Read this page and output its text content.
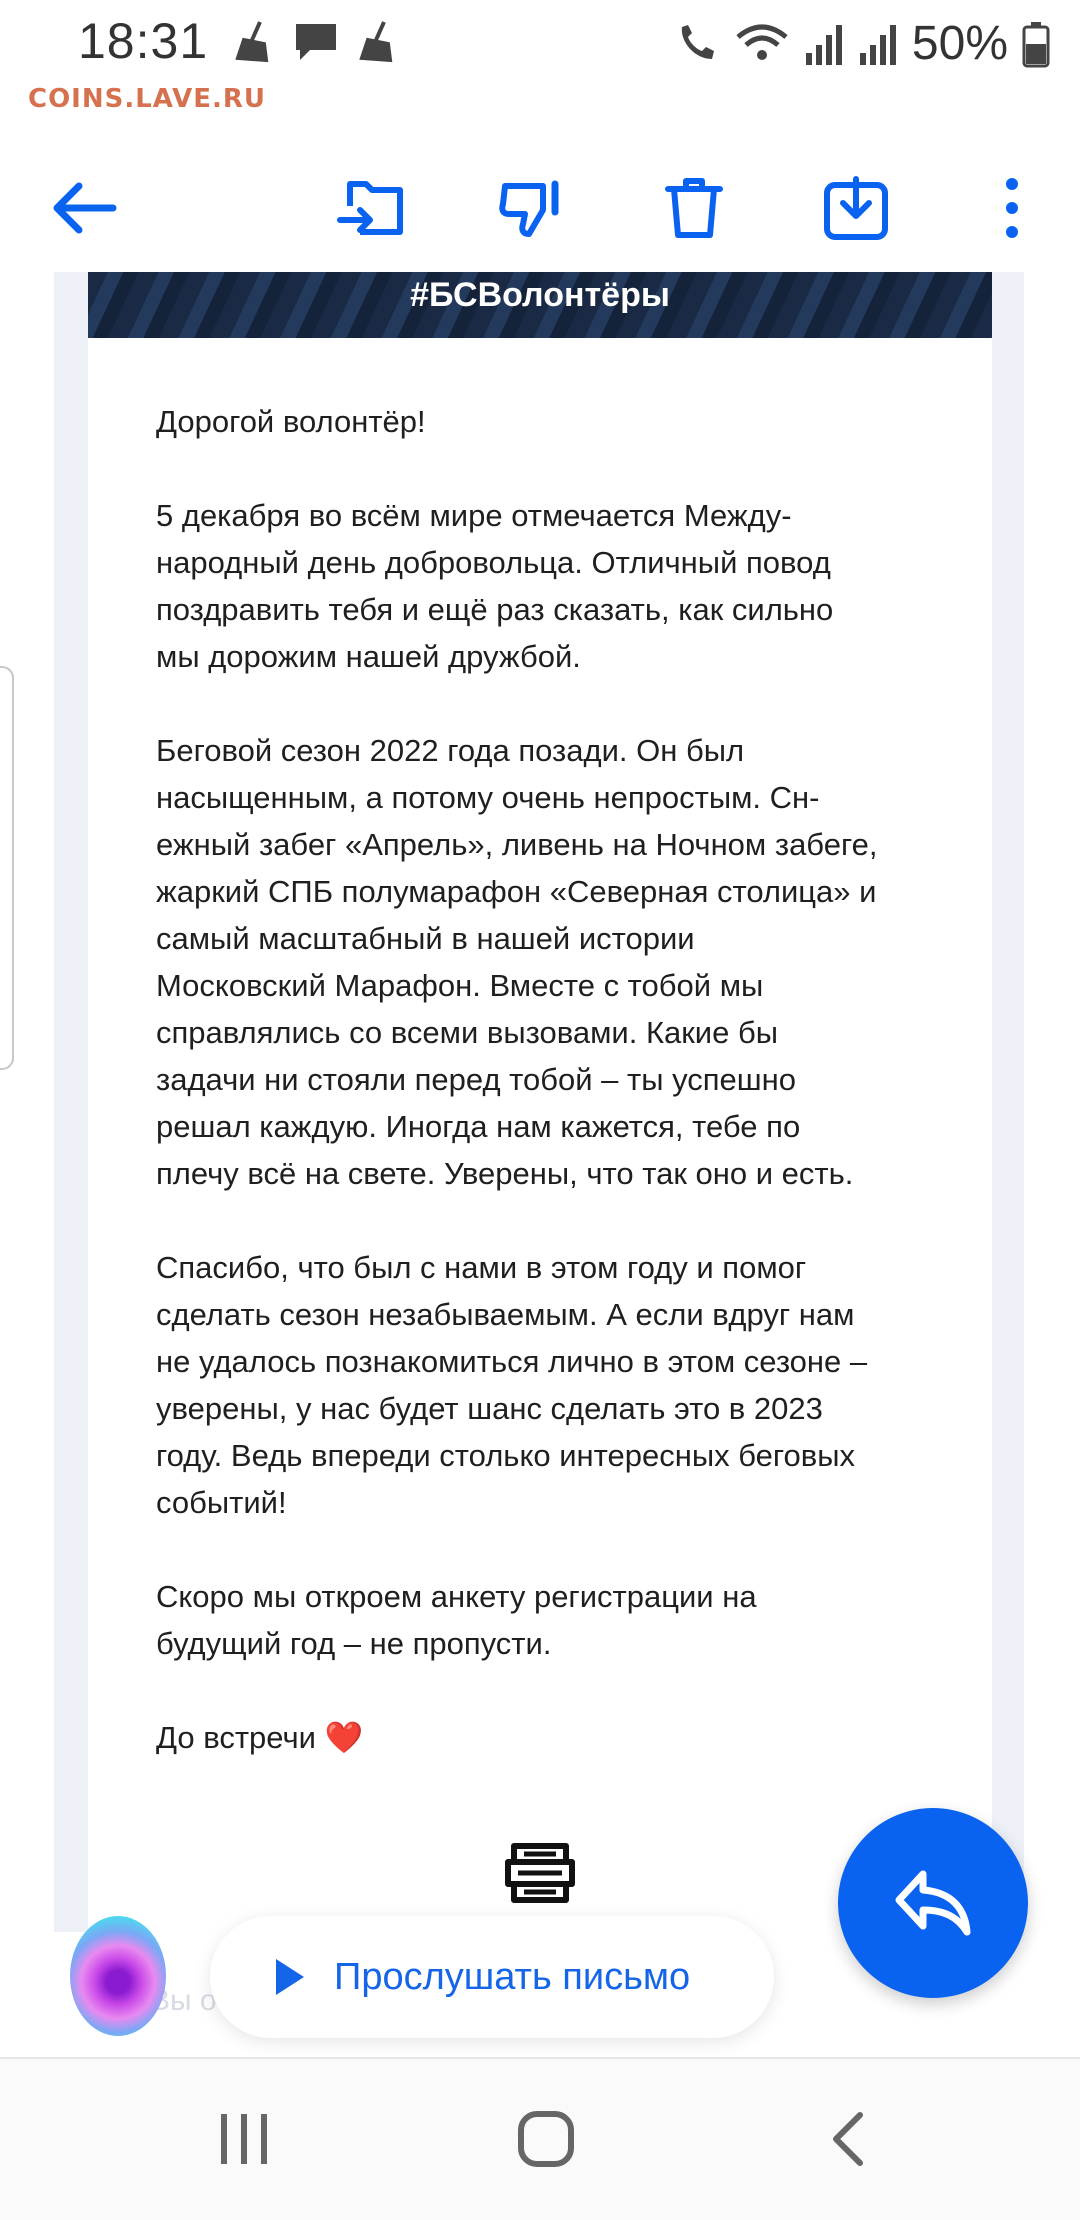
18:31	50%
COINS.LAVE.RU
#БСВолонтёры

Дорогой волонтёр!

5 декабря во всём мире отмечается Между-
народный день добровольца. Отличный повод
поздравить тебя и ещё раз сказать, как сильно
мы дорожим нашей дружбой.

Беговой сезон 2022 года позади. Он был
насыщенным, а потому очень непростым. Сн-
ежный забег «Апрель», ливень на Ночном забеге,
жаркий СПБ полумарафон «Северная столица» и
самый масштабный в нашей истории
Московский Марафон. Вместе с тобой мы
справлялись со всеми вызовами. Какие бы
задачи ни стояли перед тобой – ты успешно
решал каждую. Иногда нам кажется, тебе по
плечу всё на свете. Уверены, что так оно и есть.

Спасибо, что был с нами в этом году и помог
сделать сезон незабываемым. А если вдруг нам
не удалось познакомиться лично в этом сезоне –
уверены, у нас будет шанс сделать это в 2023
году. Ведь впереди столько интересных беговых
событий!

Скоро мы откроем анкету регистрации на
будущий год – не пропусти.

До встречи ❤️

Вы о
Прослушать письмо
